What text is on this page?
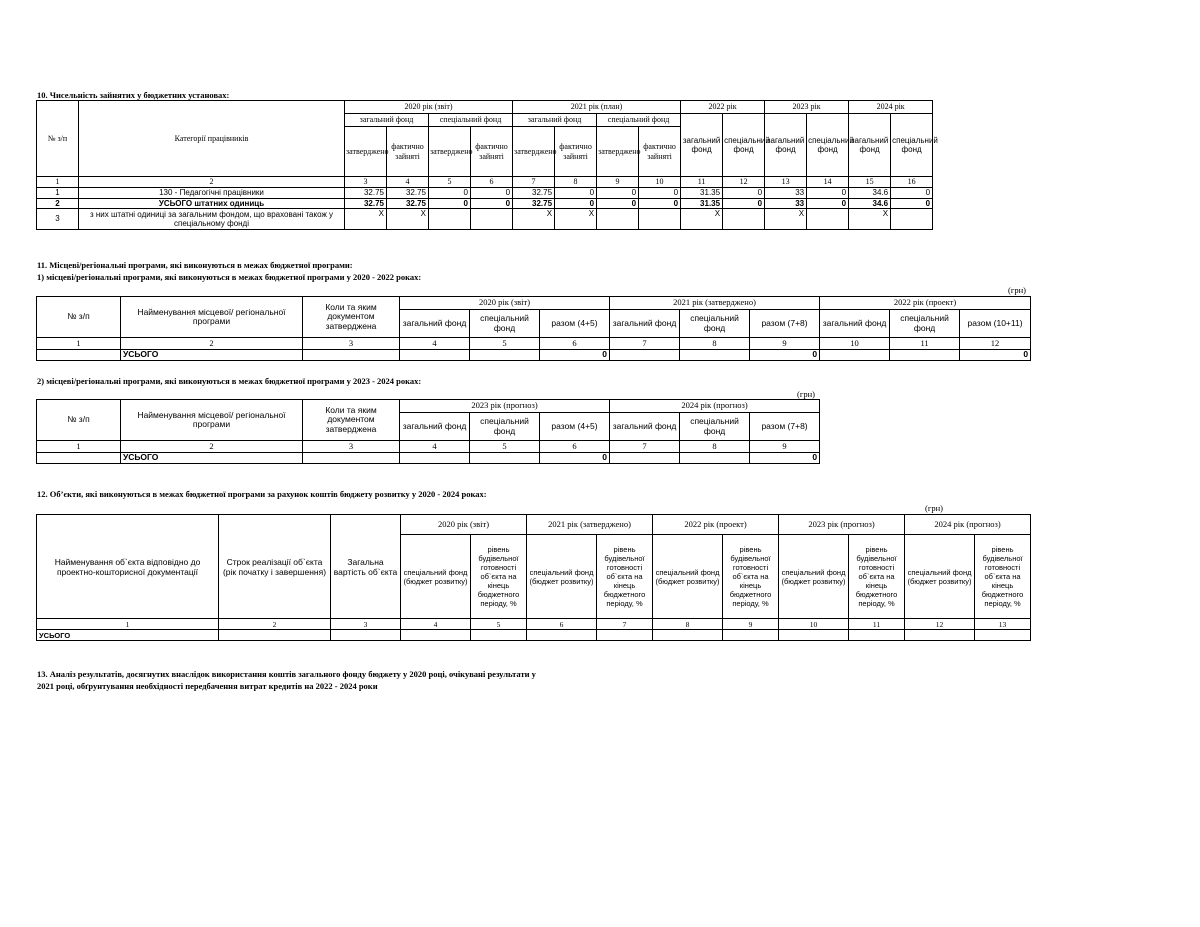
10. Чисельність зайнятих у бюджетних установах:
№ з/п	Категорії працівників	2020 рік (звіт)				2021 рік (план)				2022 рік		2023 рік		2024 рік	
		загальний фонд		спеціальний фонд		загальний фонд		спеціальний фонд		загальний фонд	спеціальний фонд	загальний фонд	спеціальний фонд	загальний фонд	спеціальний фонд
		затверджено	фактично зайняті	затверджено	фактично зайняті	затверджено	фактично зайняті	затверджено	фактично зайняті						
1	2	3	4	5	6	7	8	9	10	11	12	13	14	15	16
1	130 - Педагогічні працівники	32.75	32.75	0	0	32.75	0	0	0	31.35	0	33	0	34.6	0
2	УСЬОГО штатних одиниць	32.75	32.75	0	0	32.75	0	0	0	31.35	0	33	0	34.6	0
3	з них штатні одиниці за загальним фондом, що враховані також у спеціальному фонді	X	X			X	X			X		X		X	
11. Місцеві/регіональні програми, які виконуються в межах бюджетної програми:
1) місцеві/регіональні програми, які виконуються в межах бюджетної програми у 2020 - 2022 роках:
(грн)
№ з/п	Найменування місцевої/ регіональної програми	Коли та яким документом затверджена	2020 рік (звіт)			2021 рік (затверджено)			2022 рік (проект)		
			загальний фонд	спеціальний фонд	разом (4+5)	загальний фонд	спеціальний фонд	разом (7+8)	загальний фонд	спеціальний фонд	разом (10+11)
1	2	3	4	5	6	7	8	9	10	11	12
	УСЬОГО				0			0			0
2) місцеві/регіональні програми, які виконуються в межах бюджетної програми у 2023 - 2024 роках:
(грн)
№ з/п	Найменування місцевої/ регіональної програми	Коли та яким документом затверджена	2023 рік (прогноз)			2024 рік (прогноз)		
			загальний фонд	спеціальний фонд	разом (4+5)	загальний фонд	спеціальний фонд	разом (7+8)
1	2	3	4	5	6	7	8	9
	УСЬОГО				0			0
12. Об’єкти, які виконуються в межах бюджетної програми за рахунок коштів бюджету розвитку у 2020 - 2024 роках:
(грн)
Найменування об`єкта відповідно до проектно-кошторисної документації	Строк реалізації об`єкта (рік початку і завершення)	Загальна вартість об`єкта	2020 рік (звіт)		2021 рік (затверджено)		2022 рік (проект)		2023 рік (прогноз)		2024 рік (прогноз)	
			спеціальний фонд (бюджет розвитку)	рівень будівельної готовності об`єкта на кінець бюджетного періоду, %	спеціальний фонд (бюджет розвитку)	рівень будівельної готовності об`єкта на кінець бюджетного періоду, %	спеціальний фонд (бюджет розвитку)	рівень будівельної готовності об`єкта на кінець бюджетного періоду, %	спеціальний фонд (бюджет розвитку)	рівень будівельної готовності об`єкта на кінець бюджетного періоду, %	спеціальний фонд (бюджет розвитку)	рівень будівельної готовності об`єкта на кінець бюджетного періоду, %
1	2	3	4	5	6	7	8	9	10	11	12	13
УСЬОГО												
13. Аналіз результатів, досягнутих внаслідок використання коштів загального фонду бюджету у 2020 році, очікувані результати у
2021 році, обґрунтування необхідності передбачення витрат кредитів на 2022 - 2024 роки
